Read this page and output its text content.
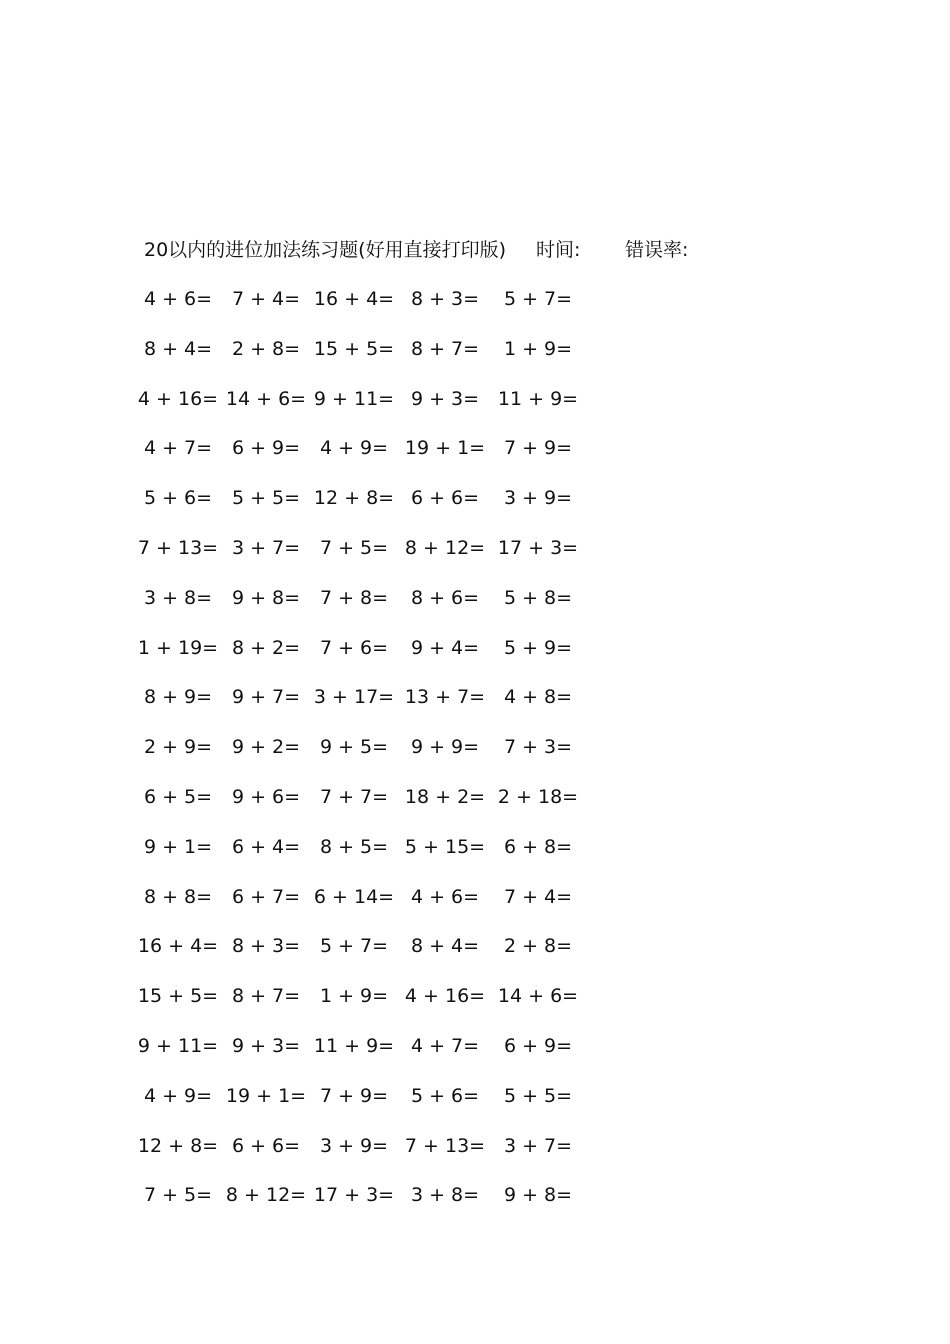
20以内的进位加法练习题(好用直接打印版) 时间: 错误率:
4 + 6=	7 + 4= 16 + 4= 8 + 3=	5 + 7=
8 + 4=	2 + 8= 15 + 5= 8 + 7=	1 + 9=
4 + 16= 14 + 6= 9 + 11= 9 + 3= 11 + 9=
4 + 7=	6 + 9=	4 + 9= 19 + 1= 7 + 9=
5 + 6=	5 + 5= 12 + 8= 6 + 6=	3 + 9=
7 + 13= 3 + 7=	7 + 5= 8 + 12= 17 + 3=
3 + 8=	9 + 8=	7 + 8=	8 + 6=	5 + 8=
1 + 19= 8 + 2=	7 + 6=	9 + 4=	5 + 9=
8 + 9=	9 + 7= 3 + 17= 13 + 7= 4 + 8=
2 + 9=	9 + 2=	9 + 5=	9 + 9=	7 + 3=
6 + 5=	9 + 6=	7 + 7= 18 + 2= 2 + 18=
9 + 1=	6 + 4=	8 + 5= 5 + 15= 6 + 8=
8 + 8=	6 + 7= 6 + 14= 4 + 6=	7 + 4=
16 + 4= 8 + 3=	5 + 7=	8 + 4=	2 + 8=
15 + 5= 8 + 7=	1 + 9= 4 + 16= 14 + 6=
9 + 11= 9 + 3= 11 + 9= 4 + 7=	6 + 9=
4 + 9= 19 + 1= 7 + 9=	5 + 6=	5 + 5=
12 + 8= 6 + 6=	3 + 9= 7 + 13= 3 + 7=
7 + 5= 8 + 12= 17 + 3= 3 + 8=	9 + 8=
